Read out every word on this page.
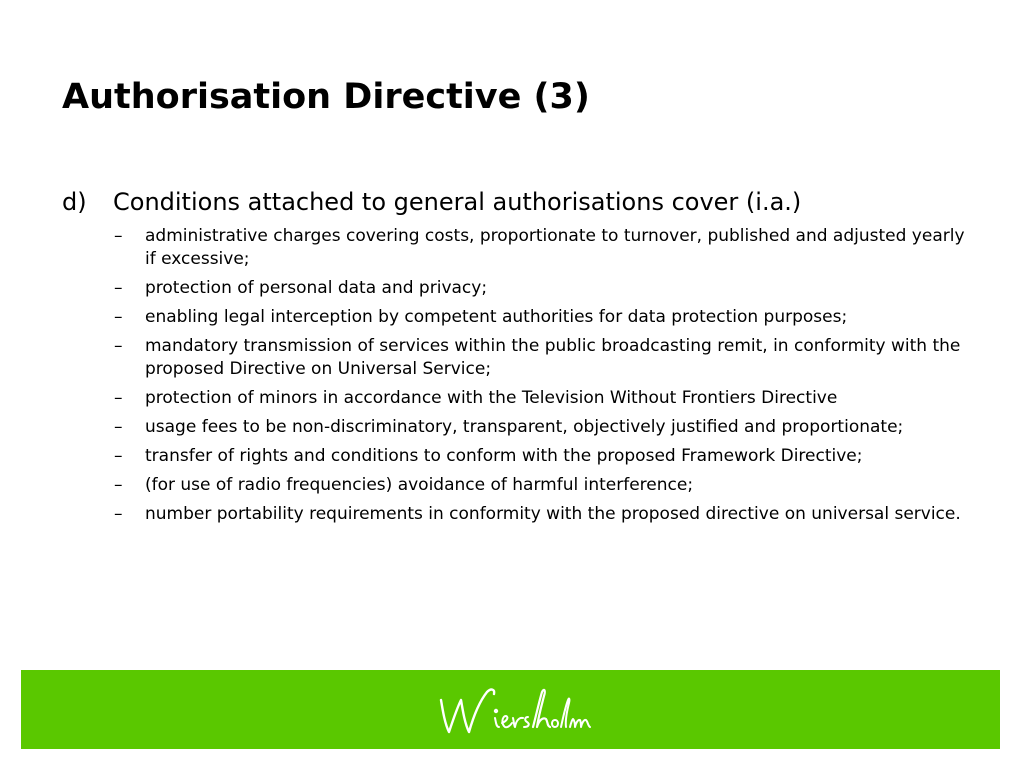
Authorisation Directive (3)
d)	Conditions attached to general authorisations cover (i.a.)
–	administrative charges covering costs, proportionate to turnover, published and adjusted yearly if excessive;
–	protection of personal data and privacy;
–	enabling legal interception by competent authorities for data protection purposes;
–	mandatory transmission of services within the public broadcasting remit, in conformity with the proposed Directive on Universal Service;
–	protection of minors in accordance with the Television Without Frontiers Directive
–	usage fees to be non-discriminatory, transparent, objectively justified and proportionate;
–	transfer of rights and conditions to conform with the proposed Framework Directive;
–	(for use of radio frequencies) avoidance of harmful interference;
–	number portability requirements in conformity with the proposed directive on universal service.
